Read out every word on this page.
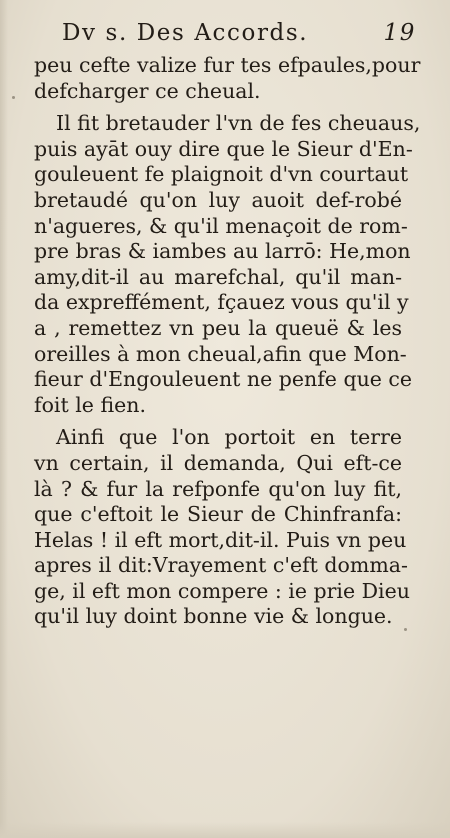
Dv s. Des Accords.	19
peu cefte valize fur tes efpaules,pour
defcharger ce cheual.
Il fit bretauder l'vn de fes cheuaus,
puis ayāt ouy dire que le Sieur d'En-
gouleuent fe plaignoit d'vn courtaut
bretaudé qu'on luy auoit def-robé
n'agueres, & qu'il menaçoit de rom-
pre bras & iambes au larrō: He,mon
amy,dit-il au marefchal, qu'il man-
da expreffément, fçauez vous qu'il y
a , remettez vn peu la queuë & les
oreilles à mon cheual,afin que Mon-
fieur d'Engouleuent ne penfe que ce
foit le fien.
Ainfi que l'on portoit en terre
vn certain, il demanda, Qui eft-ce
là ? & fur la refponfe qu'on luy fit,
que c'eftoit le Sieur de Chinfranfa:
Helas ! il eft mort,dit-il. Puis vn peu
apres il dit:Vrayement c'eft domma-
ge, il eft mon compere : ie prie Dieu
qu'il luy doint bonne vie & longue.
